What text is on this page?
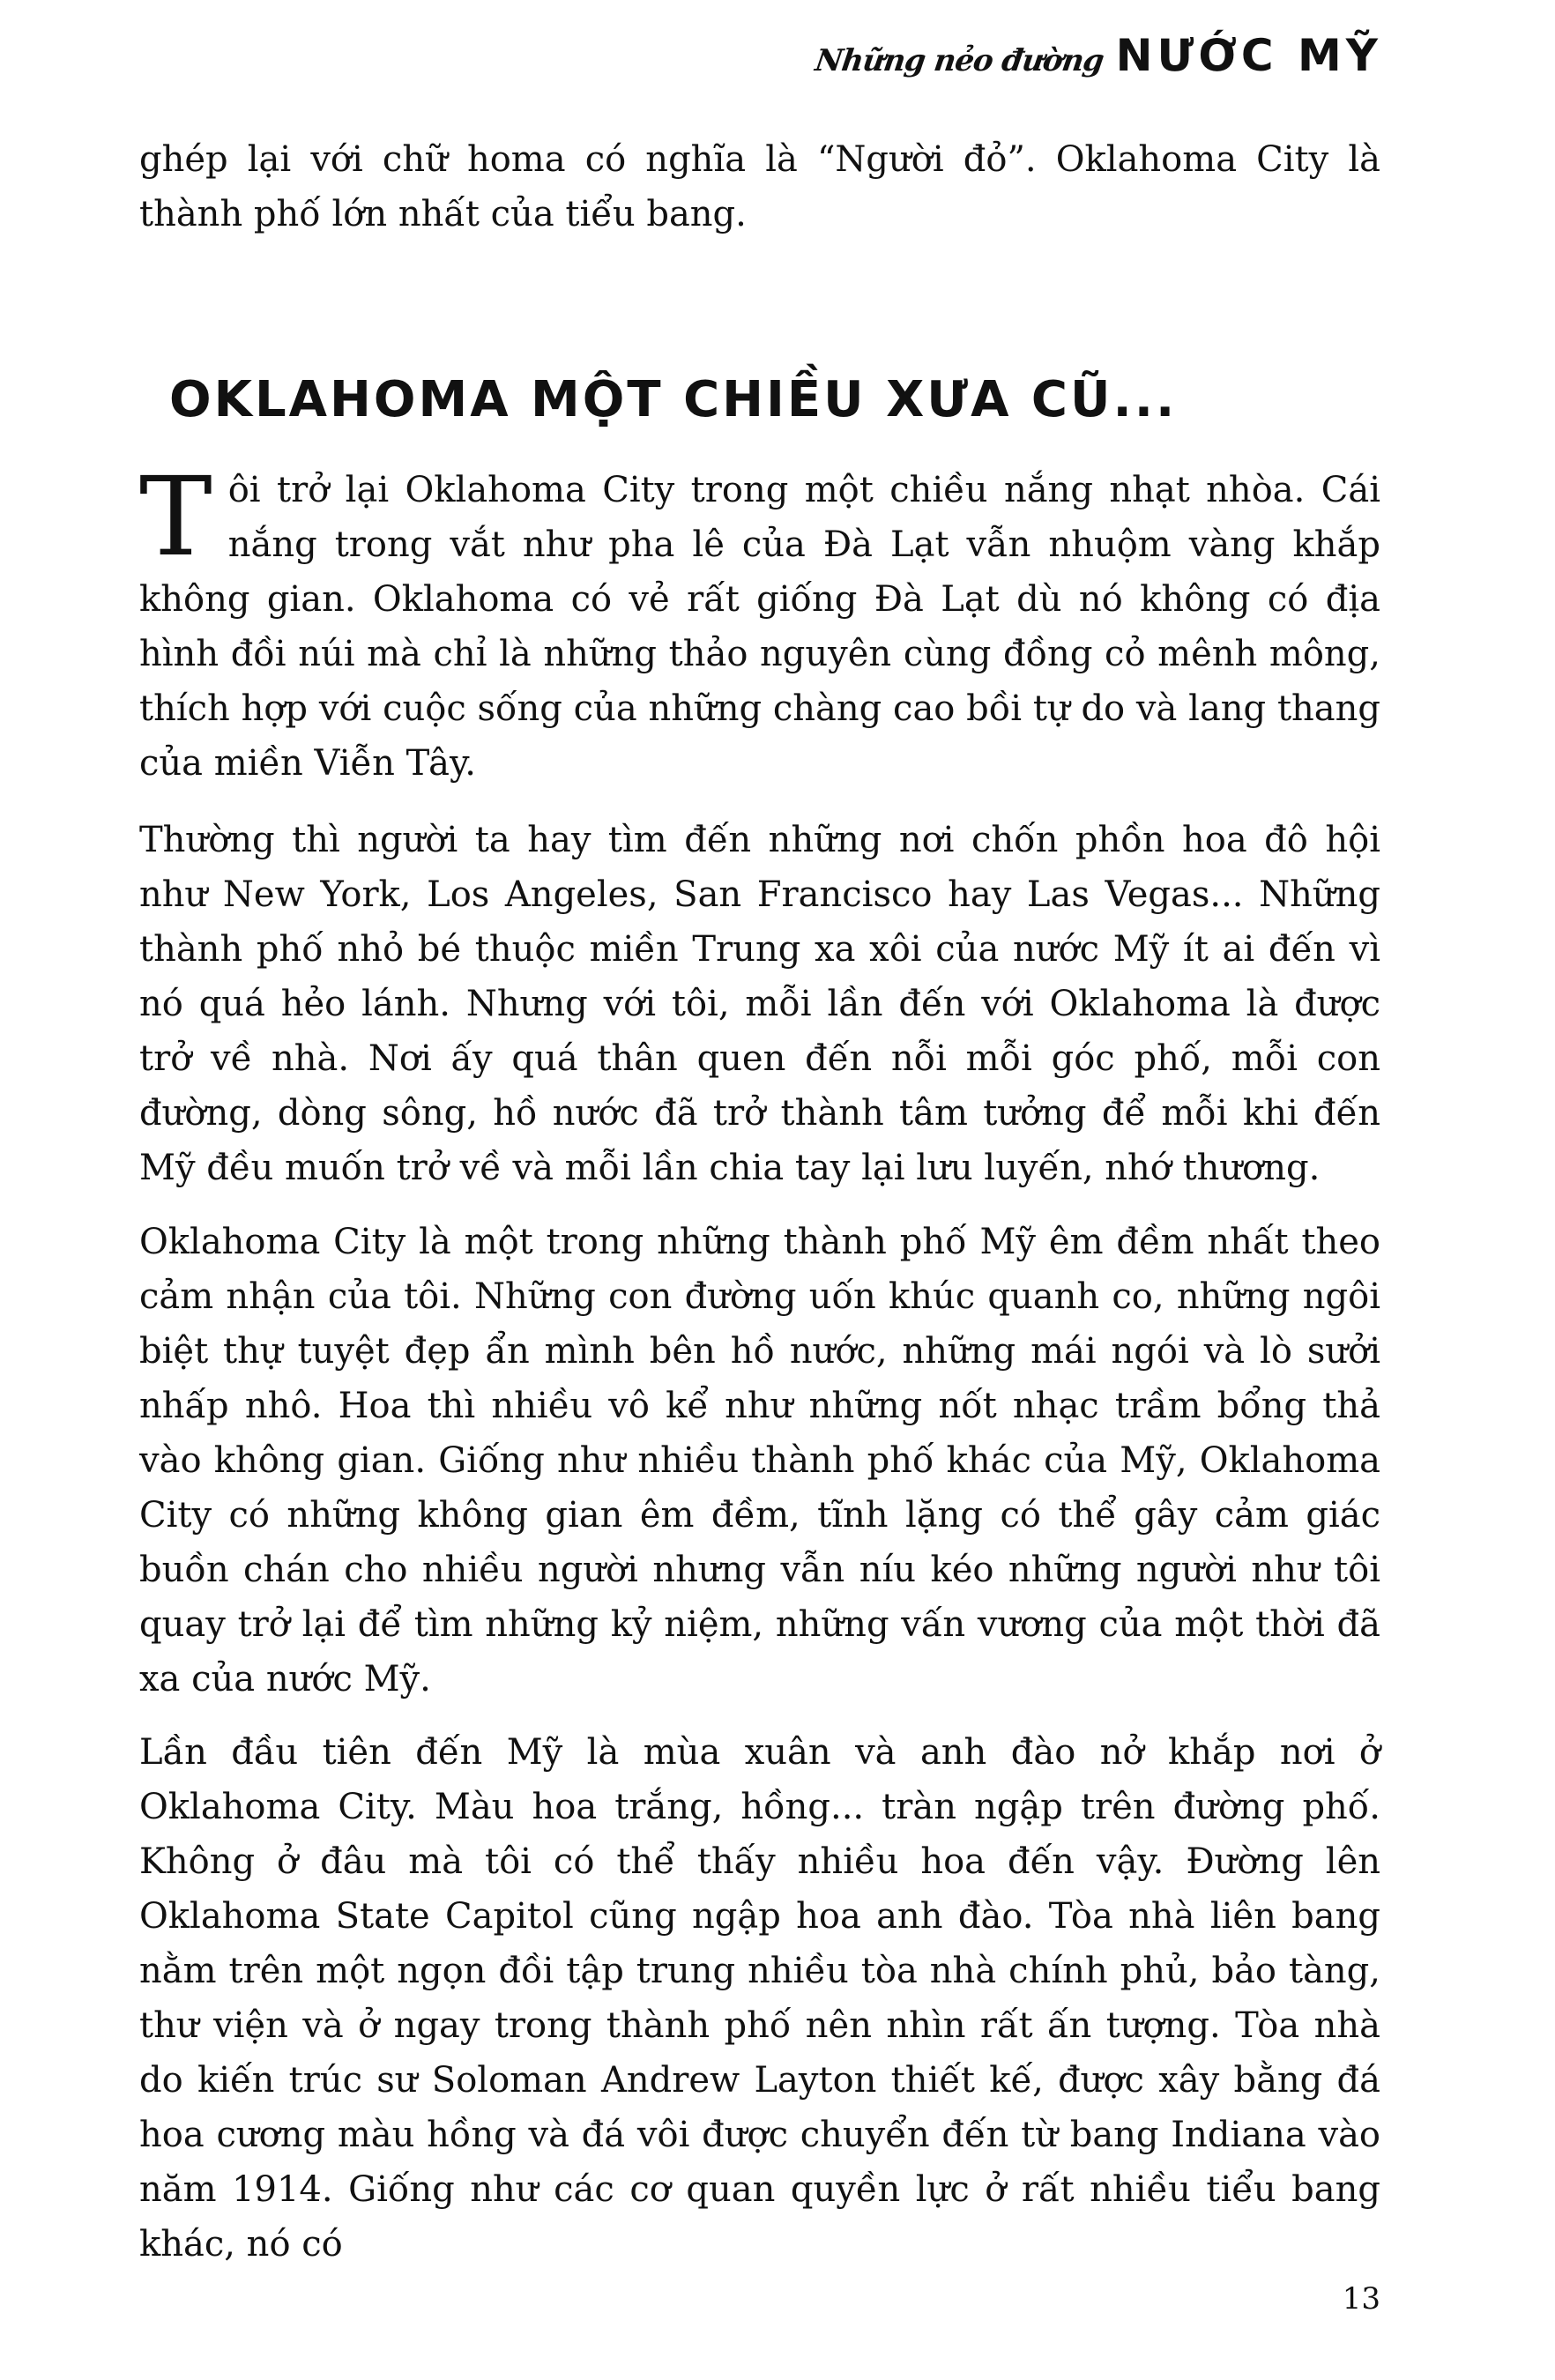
Những nẻo đường NƯỚC MỸ

ghép lại với chữ homa có nghĩa là “Người đỏ”. Oklahoma City là thành phố lớn nhất của tiểu bang.

OKLAHOMA MỘT CHIỀU XƯA CŨ...
Tôi trở lại Oklahoma City trong một chiều nắng nhạt nhòa. Cái nắng trong vắt như pha lê của Đà Lạt vẫn nhuộm vàng khắp không gian. Oklahoma có vẻ rất giống Đà Lạt dù nó không có địa hình đồi núi mà chỉ là những thảo nguyên cùng đồng cỏ mênh mông, thích hợp với cuộc sống của những chàng cao bồi tự do và lang thang của miền Viễn Tây.

Thường thì người ta hay tìm đến những nơi chốn phồn hoa đô hội như New York, Los Angeles, San Francisco hay Las Vegas... Những thành phố nhỏ bé thuộc miền Trung xa xôi của nước Mỹ ít ai đến vì nó quá hẻo lánh. Nhưng với tôi, mỗi lần đến với Oklahoma là được trở về nhà. Nơi ấy quá thân quen đến nỗi mỗi góc phố, mỗi con đường, dòng sông, hồ nước đã trở thành tâm tưởng để mỗi khi đến Mỹ đều muốn trở về và mỗi lần chia tay lại lưu luyến, nhớ thương.

Oklahoma City là một trong những thành phố Mỹ êm đềm nhất theo cảm nhận của tôi. Những con đường uốn khúc quanh co, những ngôi biệt thự tuyệt đẹp ẩn mình bên hồ nước, những mái ngói và lò sưởi nhấp nhô. Hoa thì nhiều vô kể như những nốt nhạc trầm bổng thả vào không gian. Giống như nhiều thành phố khác của Mỹ, Oklahoma City có những không gian êm đềm, tĩnh lặng có thể gây cảm giác buồn chán cho nhiều người nhưng vẫn níu kéo những người như tôi quay trở lại để tìm những kỷ niệm, những vấn vương của một thời đã xa của nước Mỹ.

Lần đầu tiên đến Mỹ là mùa xuân và anh đào nở khắp nơi ở Oklahoma City. Màu hoa trắng, hồng... tràn ngập trên đường phố. Không ở đâu mà tôi có thể thấy nhiều hoa đến vậy. Đường lên Oklahoma State Capitol cũng ngập hoa anh đào. Tòa nhà liên bang nằm trên một ngọn đồi tập trung nhiều tòa nhà chính phủ, bảo tàng, thư viện và ở ngay trong thành phố nên nhìn rất ấn tượng. Tòa nhà do kiến trúc sư Soloman Andrew Layton thiết kế, được xây bằng đá hoa cương màu hồng và đá vôi được chuyển đến từ bang Indiana vào năm 1914. Giống như các cơ quan quyền lực ở rất nhiều tiểu bang khác, nó có

13
